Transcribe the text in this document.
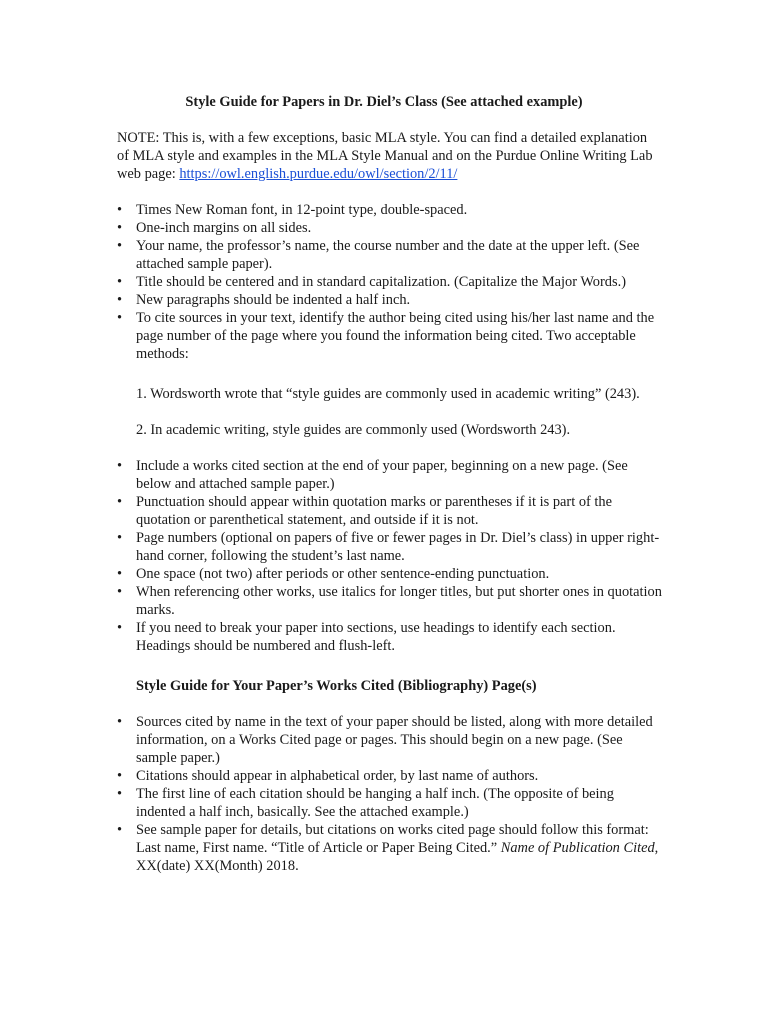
Style Guide for Papers in Dr. Diel’s Class (See attached example)
NOTE: This is, with a few exceptions, basic MLA style. You can find a detailed explanation of MLA style and examples in the MLA Style Manual and on the Purdue Online Writing Lab web page: https://owl.english.purdue.edu/owl/section/2/11/
• Times New Roman font, in 12-point type, double-spaced.
• One-inch margins on all sides.
• Your name, the professor’s name, the course number and the date at the upper left. (See attached sample paper).
• Title should be centered and in standard capitalization. (Capitalize the Major Words.)
• New paragraphs should be indented a half inch.
• To cite sources in your text, identify the author being cited using his/her last name and the page number of the page where you found the information being cited. Two acceptable methods:
1. Wordsworth wrote that “style guides are commonly used in academic writing” (243).
2. In academic writing, style guides are commonly used (Wordsworth 243).
• Include a works cited section at the end of your paper, beginning on a new page. (See below and attached sample paper.)
• Punctuation should appear within quotation marks or parentheses if it is part of the quotation or parenthetical statement, and outside if it is not.
• Page numbers (optional on papers of five or fewer pages in Dr. Diel’s class) in upper right-hand corner, following the student’s last name.
• One space (not two) after periods or other sentence-ending punctuation.
• When referencing other works, use italics for longer titles, but put shorter ones in quotation marks.
• If you need to break your paper into sections, use headings to identify each section. Headings should be numbered and flush-left.
Style Guide for Your Paper’s Works Cited (Bibliography) Page(s)
• Sources cited by name in the text of your paper should be listed, along with more detailed information, on a Works Cited page or pages. This should begin on a new page. (See sample paper.)
• Citations should appear in alphabetical order, by last name of authors.
• The first line of each citation should be hanging a half inch. (The opposite of being indented a half inch, basically. See the attached example.)
• See sample paper for details, but citations on works cited page should follow this format: Last name, First name. “Title of Article or Paper Being Cited.” Name of Publication Cited, XX(date) XX(Month) 2018.
